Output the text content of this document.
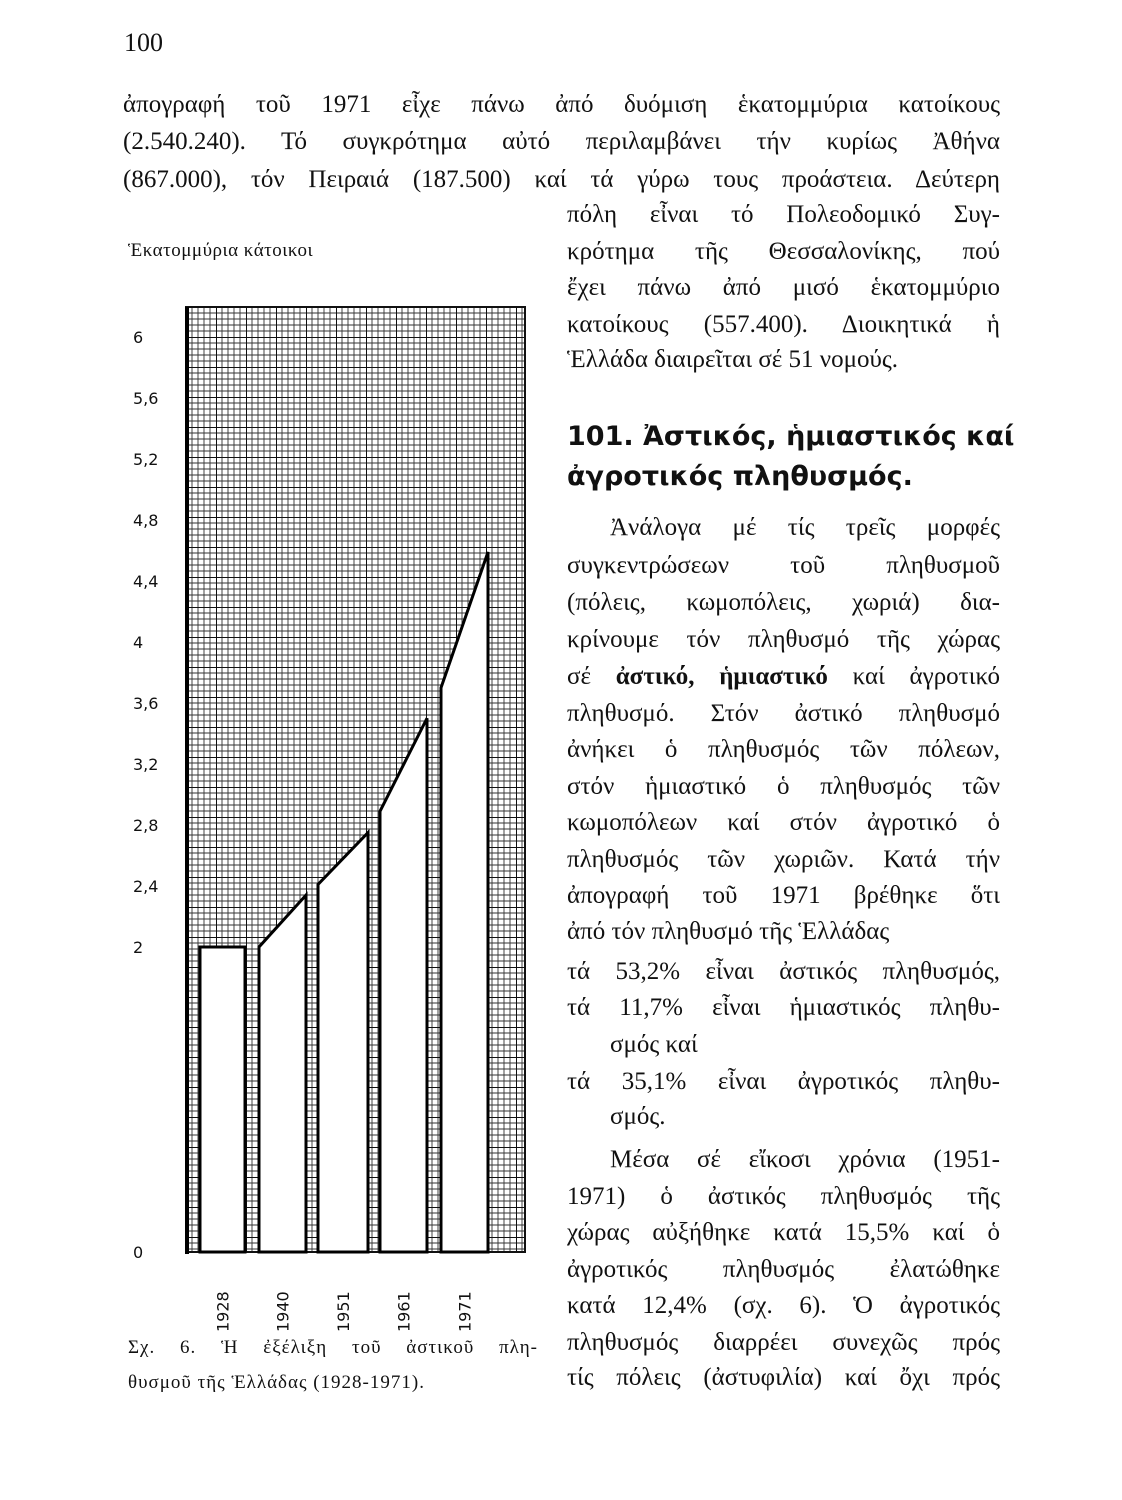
100
ἀπογραφή τοῦ 1971 εἶχε πάνω ἀπό δυόμιση ἑκατομμύρια κατοίκους
(2.540.240). Τό συγκρότημα αὐτό περιλαμβάνει τήν κυρίως Ἀθήνα
(867.000), τόν Πειραιά (187.500) καί τά γύρω τους προάστεια. Δεύτερη
πόλη εἶναι τό Πολεοδομικό Συγ-
κρότημα τῆς Θεσσαλονίκης, πού
ἔχει πάνω ἀπό μισό ἑκατομμύριο
κατοίκους (557.400). Διοικητικά ἡ
Ἑλλάδα διαιρεῖται σέ 51 νομούς.
101. Ἀστικός, ἡμιαστικός καί
ἀγροτικός πληθυσμός.
Ἀνάλογα μέ τίς τρεῖς μορφές
συγκεντρώσεων τοῦ πληθυσμοῦ
(πόλεις, κωμοπόλεις, χωριά) δια-
κρίνουμε τόν πληθυσμό τῆς χώρας
σέ ἀστικό, ἡμιαστικό καί ἀγροτικό
πληθυσμό. Στόν ἀστικό πληθυσμό
ἀνήκει ὁ πληθυσμός τῶν πόλεων,
στόν ἡμιαστικό ὁ πληθυσμός τῶν
κωμοπόλεων καί στόν ἀγροτικό ὁ
πληθυσμός τῶν χωριῶν. Κατά τήν
ἀπογραφή τοῦ 1971 βρέθηκε ὅτι
ἀπό τόν πληθυσμό τῆς Ἑλλάδας
τά 53,2% εἶναι ἀστικός πληθυσμός,
τά 11,7% εἶναι ἡμιαστικός πληθυ-
σμός καί
τά 35,1% εἶναι ἀγροτικός πληθυ-
σμός.
Μέσα σέ εἴκοσι χρόνια (1951-
1971) ὁ ἀστικός πληθυσμός τῆς
χώρας αὐξήθηκε κατά 15,5% καί ὁ
ἀγροτικός πληθυσμός ἐλατώθηκε
κατά 12,4% (σχ. 6). Ὁ ἀγροτικός
πληθυσμός διαρρέει συνεχῶς πρός
τίς πόλεις (ἀστυφιλία) καί ὄχι πρός
Ἑκατομμύρια κάτοικοι
0
2
2,4
2,8
3,2
3,6
4
4,4
4,8
5,2
5,6
6
1928	1940	1951	1961	1971
Σχ. 6. Ἡ ἐξέλιξη τοῦ ἀστικοῦ πλη-
θυσμοῦ τῆς Ἑλλάδας (1928-1971).
